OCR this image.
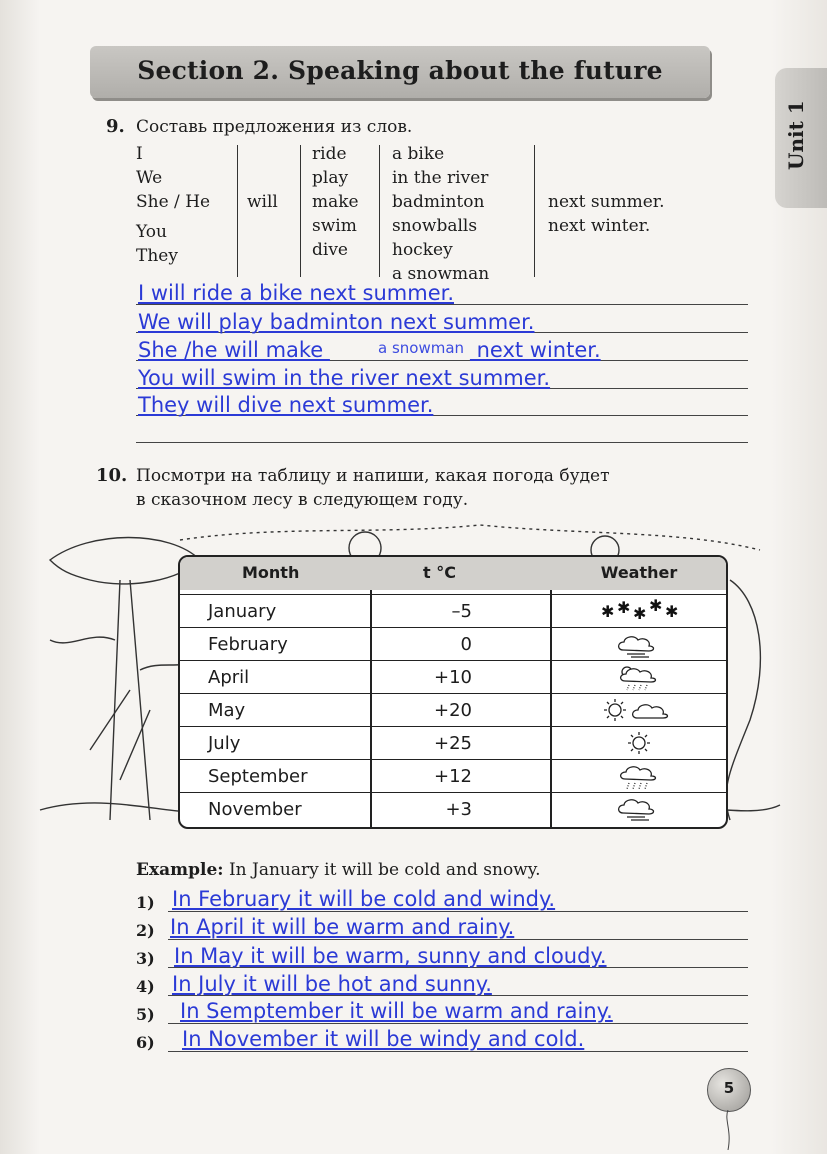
Section 2. Speaking about the future
Unit 1
9. Составь предложения из слов.
I
We
She / He
You
They
will
ride
play
make
swim
dive
a bike
in the river
badminton
snowballs
hockey
a snowman
next summer.
next winter.
I will ride a bike next summer.
We will play badminton next summer.
She /he will make	next winter.
a snowman
You will swim in the river next summer.
They will dive next summer.
10. Посмотри на таблицу и напиши, какая погода будет
в сказочном лесу в следующем году.
Month	t °C	Weather
January	–5	✱ ✱ ✱ ✱ ✱
February	0
April	+10
May	+20
July	+25
September	+12
November	+3
Example: In January it will be cold and snowy.
1) In February it will be cold and windy.
2) In April it will be warm and rainy.
3) In May it will be warm, sunny and cloudy.
4) In July it will be hot and sunny.
5) In Semptember it will be warm and rainy.
6) In November it will be windy and cold.
5
